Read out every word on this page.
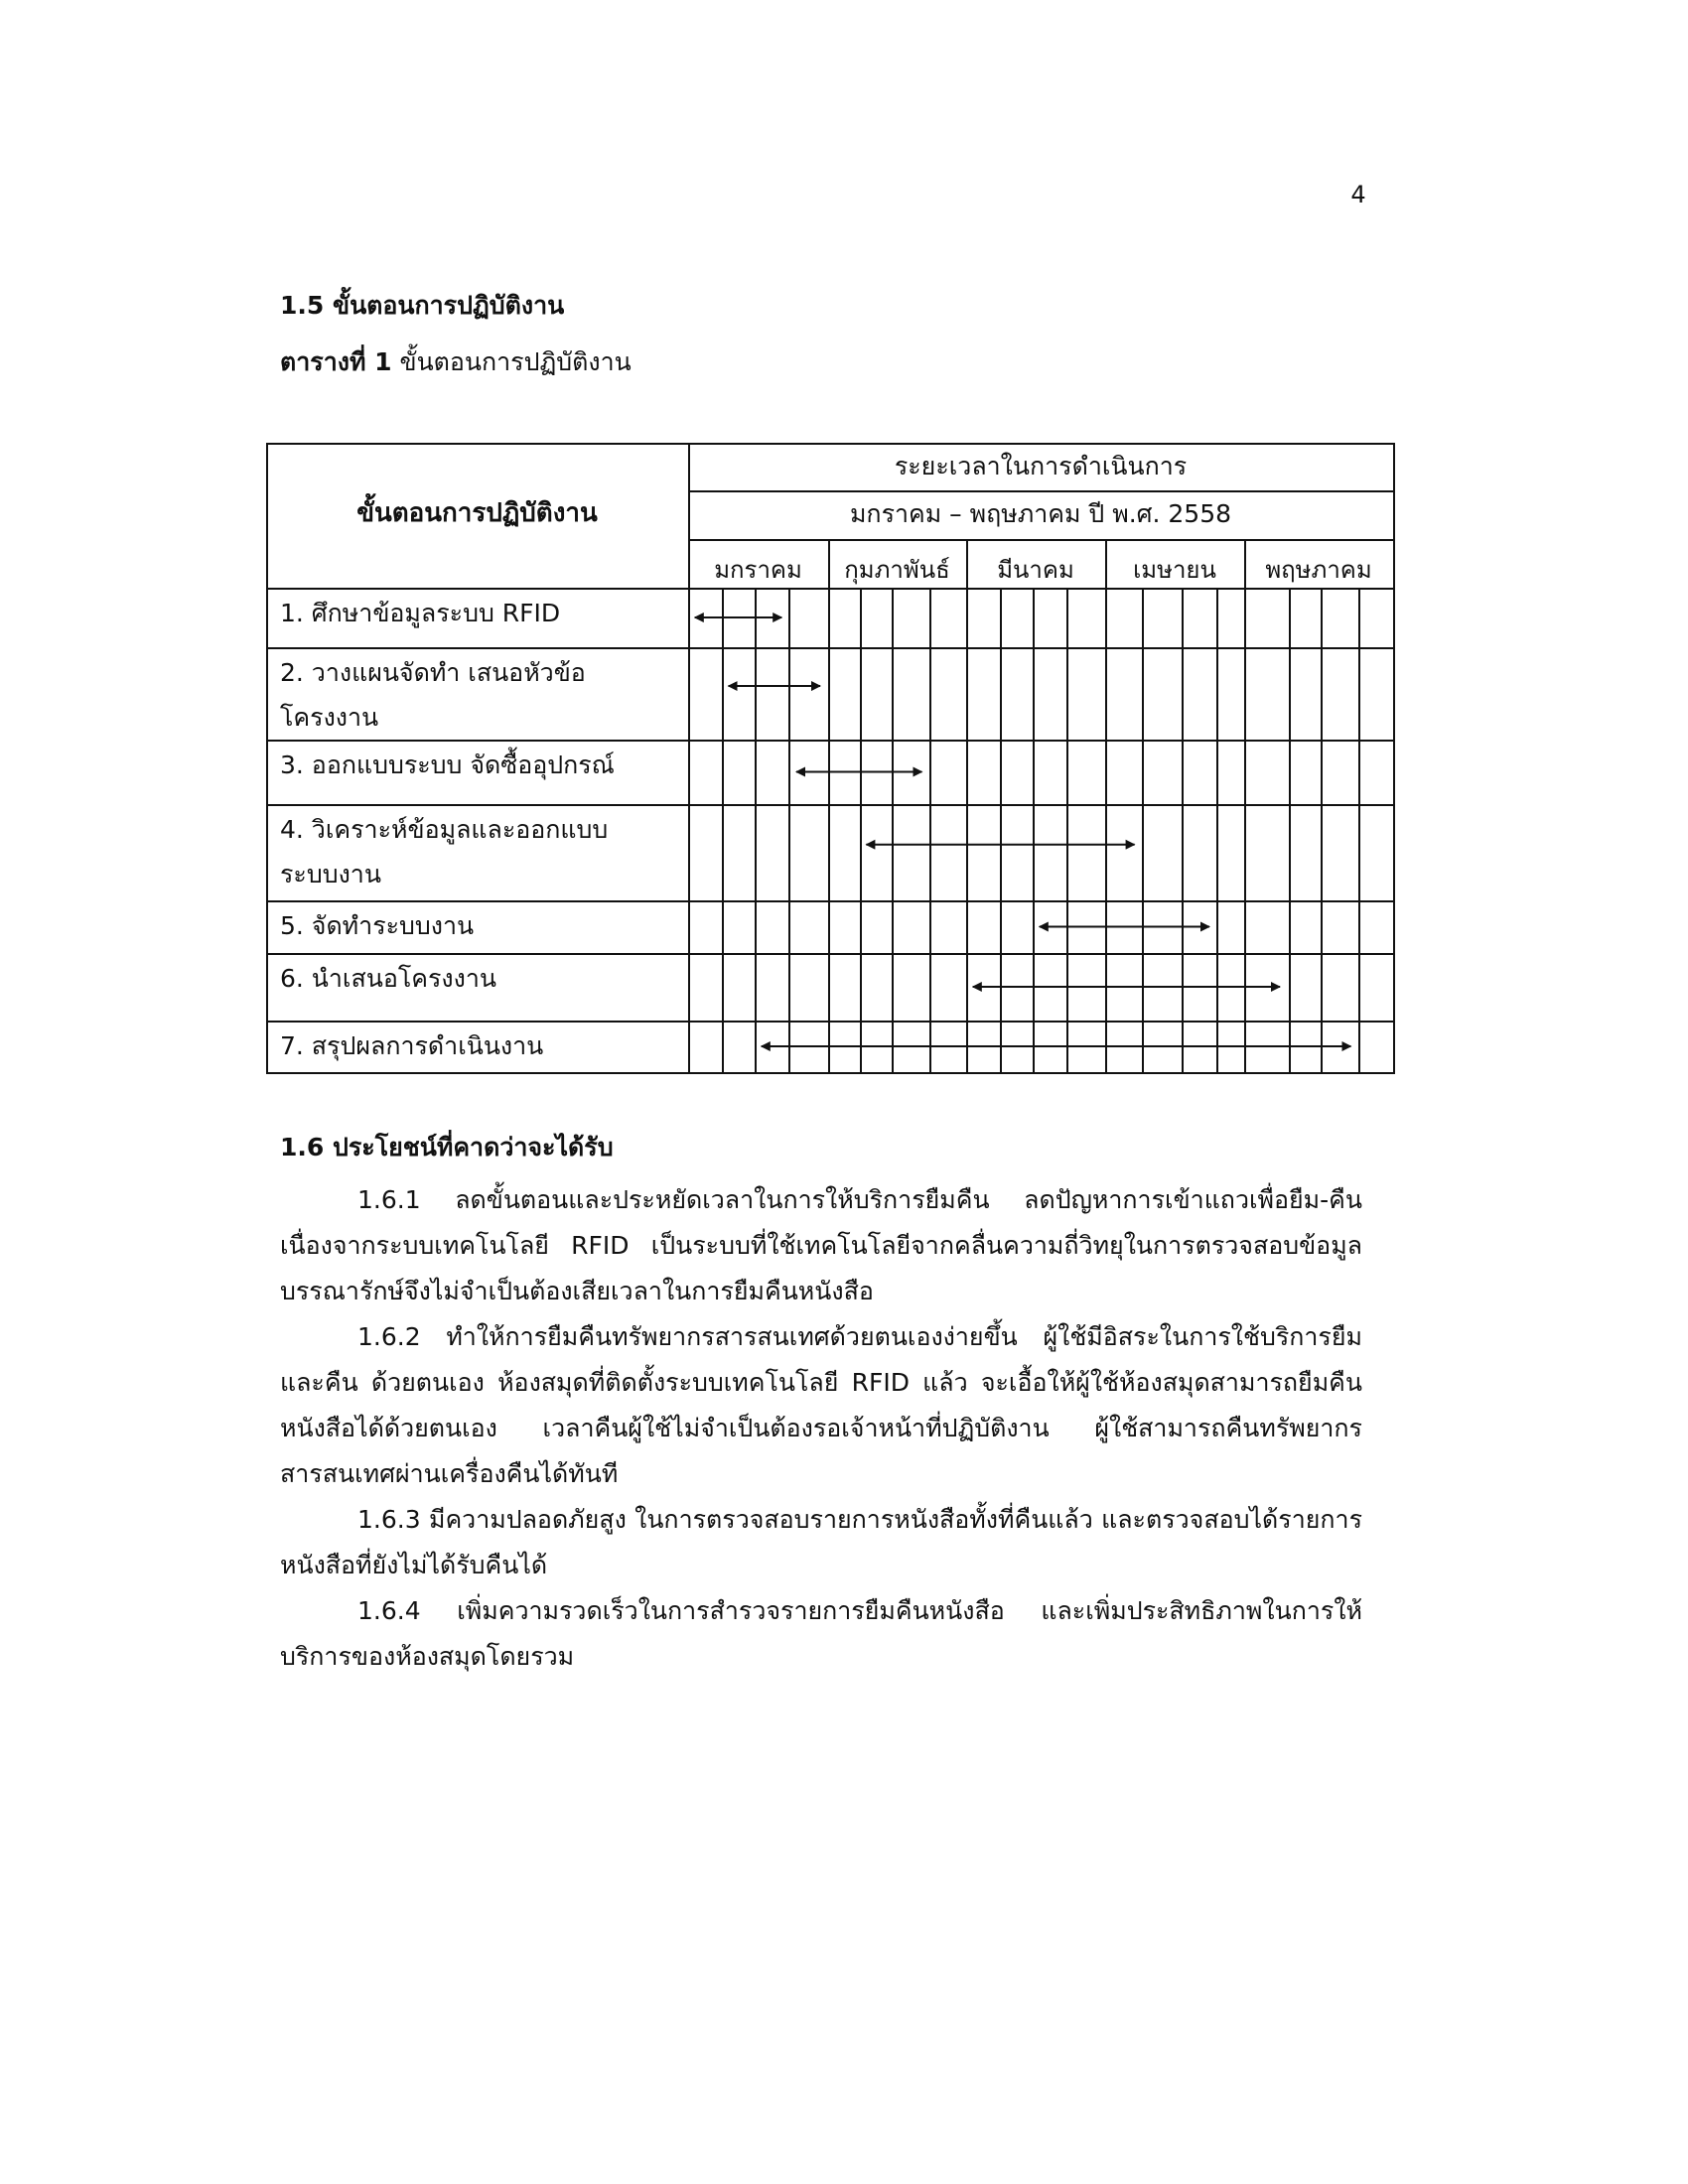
4
1.5 ขั้นตอนการปฏิบัติงาน
ตารางที่ 1 ขั้นตอนการปฏิบัติงาน
ขั้นตอนการปฏิบัติงาน
ระยะเวลาในการดำเนินการ
มกราคม – พฤษภาคม ปี พ.ศ. 2558
มกราคม	กุมภาพันธ์	มีนาคม	เมษายน	พฤษภาคม
1. ศึกษาข้อมูลระบบ RFID
2. วางแผนจัดทำ เสนอหัวข้อ
โครงงาน
3. ออกแบบระบบ จัดซื้ออุปกรณ์
4. วิเคราะห์ข้อมูลและออกแบบ
ระบบงาน
5. จัดทำระบบงาน
6. นำเสนอโครงงาน
7. สรุปผลการดำเนินงาน
1.6 ประโยชน์ที่คาดว่าจะได้รับ

1.6.1 ลดขั้นตอนและประหยัดเวลาในการให้บริการยืมคืน ลดปัญหาการเข้าแถวเพื่อยืม-คืน เนื่องจากระบบเทคโนโลยี RFID เป็นระบบที่ใช้เทคโนโลยีจากคลื่นความถี่วิทยุในการตรวจสอบข้อมูลบรรณารักษ์จึงไม่จำเป็นต้องเสียเวลาในการยืมคืนหนังสือ

1.6.2 ทำให้การยืมคืนทรัพยากรสารสนเทศด้วยตนเองง่ายขึ้น ผู้ใช้มีอิสระในการใช้บริการยืมและคืน ด้วยตนเอง ห้องสมุดที่ติดตั้งระบบเทคโนโลยี RFID แล้ว จะเอื้อให้ผู้ใช้ห้องสมุดสามารถยืมคืนหนังสือได้ด้วยตนเอง เวลาคืนผู้ใช้ไม่จำเป็นต้องรอเจ้าหน้าที่ปฏิบัติงาน ผู้ใช้สามารถคืนทรัพยากรสารสนเทศผ่านเครื่องคืนได้ทันที

1.6.3 มีความปลอดภัยสูง ในการตรวจสอบรายการหนังสือทั้งที่คืนแล้ว และตรวจสอบได้รายการหนังสือที่ยังไม่ได้รับคืนได้

1.6.4 เพิ่มความรวดเร็วในการสำรวจรายการยืมคืนหนังสือ และเพิ่มประสิทธิภาพในการให้บริการของห้องสมุดโดยรวม
